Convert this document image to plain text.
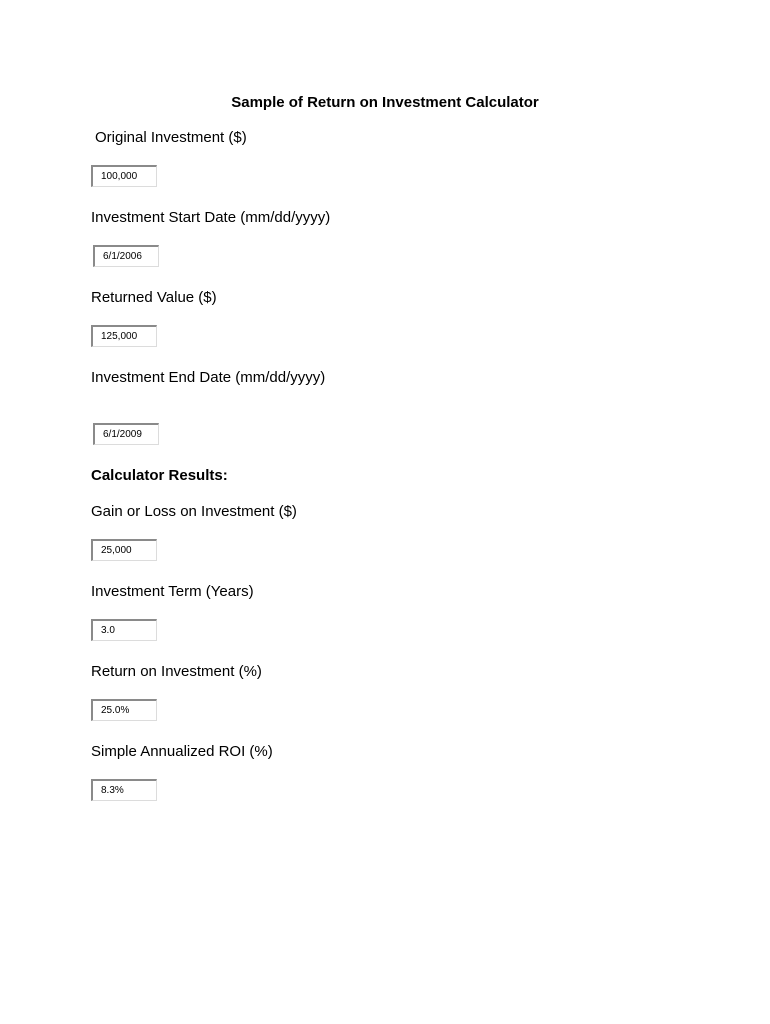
Sample of Return on Investment Calculator
Original Investment ($)
100,000
Investment Start Date (mm/dd/yyyy)
6/1/2006
Returned Value ($)
125,000
Investment End Date (mm/dd/yyyy)
6/1/2009
Calculator Results:
Gain or Loss on Investment ($)
25,000
Investment Term (Years)
3.0
Return on Investment (%)
25.0%
Simple Annualized ROI (%)
8.3%
